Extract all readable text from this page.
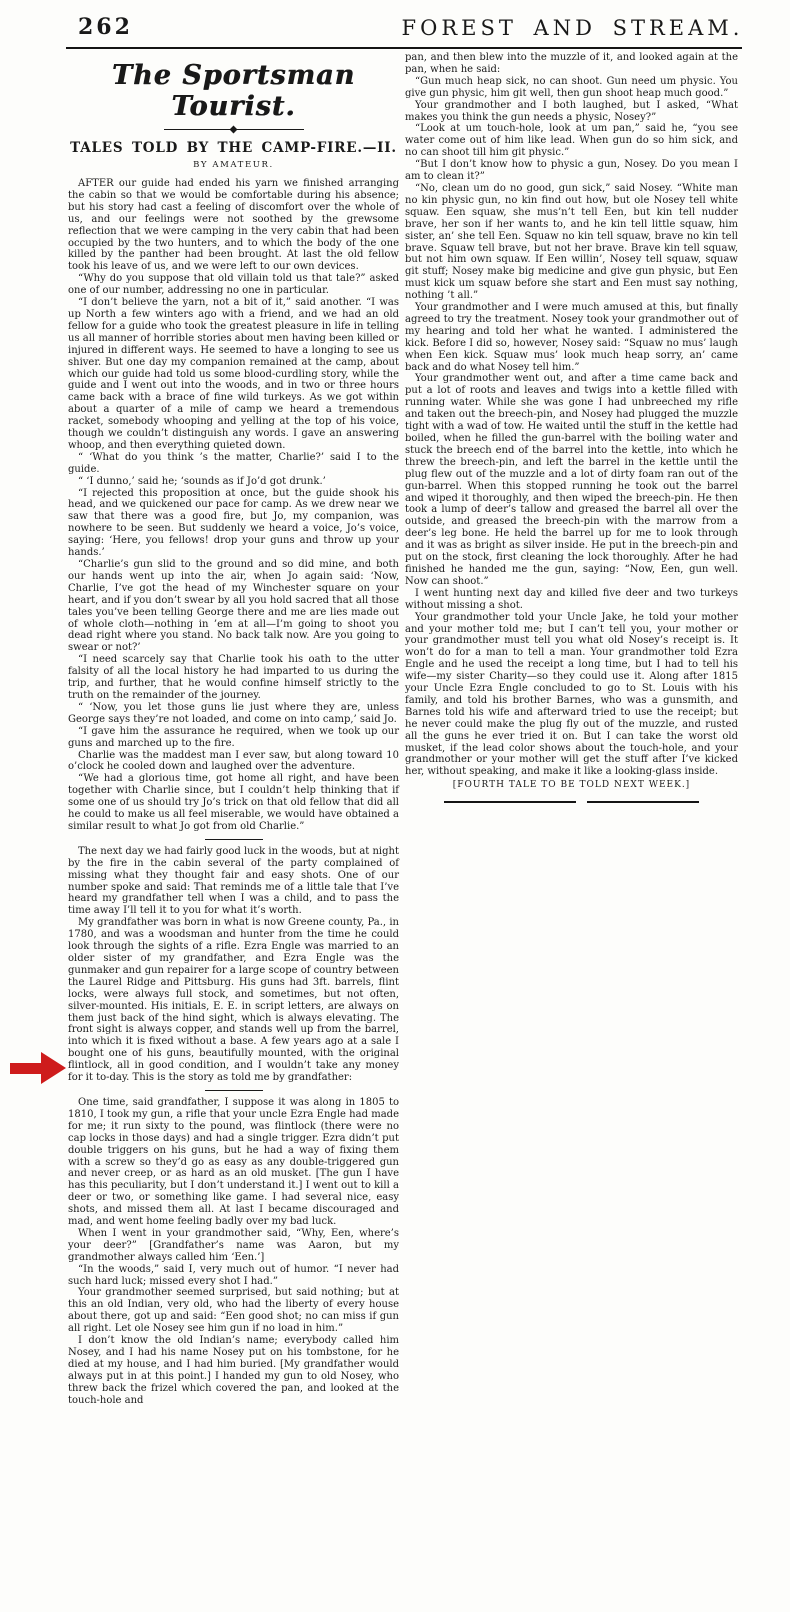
262	FOREST AND STREAM.
The Sportsman Tourist.
TALES TOLD BY THE CAMP-FIRE.—II.
BY AMATEUR.

AFTER our guide had ended his yarn we finished arranging the cabin so that we would be comfortable during his absence; but his story had cast a feeling of discomfort over the whole of us, and our feelings were not soothed by the grewsome reflection that we were camping in the very cabin that had been occupied by the two hunters, and to which the body of the one killed by the panther had been brought. At last the old fellow took his leave of us, and we were left to our own devices.

“Why do you suppose that old villain told us that tale?” asked one of our number, addressing no one in particular.

“I don’t believe the yarn, not a bit of it,” said another. “I was up North a few winters ago with a friend, and we had an old fellow for a guide who took the greatest pleasure in life in telling us all manner of horrible stories about men having been killed or injured in different ways. He seemed to have a longing to see us shiver. But one day my companion remained at the camp, about which our guide had told us some blood-curdling story, while the guide and I went out into the woods, and in two or three hours came back with a brace of fine wild turkeys. As we got within about a quarter of a mile of camp we heard a tremendous racket, somebody whooping and yelling at the top of his voice, though we couldn’t distinguish any words. I gave an answering whoop, and then everything quieted down.

“ ‘What do you think ’s the matter, Charlie?’ said I to the guide.

“ ‘I dunno,’ said he; ‘sounds as if Jo’d got drunk.’

“I rejected this proposition at once, but the guide shook his head, and we quickened our pace for camp. As we drew near we saw that there was a good fire, but Jo, my companion, was nowhere to be seen. But suddenly we heard a voice, Jo’s voice, saying: ‘Here, you fellows! drop your guns and throw up your hands.’

“Charlie’s gun slid to the ground and so did mine, and both our hands went up into the air, when Jo again said: ‘Now, Charlie, I’ve got the head of my Winchester square on your heart, and if you don’t swear by all you hold sacred that all those tales you’ve been telling George there and me are lies made out of whole cloth—nothing in ’em at all—I’m going to shoot you dead right where you stand. No back talk now. Are you going to swear or not?’

“I need scarcely say that Charlie took his oath to the utter falsity of all the local history he had imparted to us during the trip, and further, that he would confine himself strictly to the truth on the remainder of the journey.

“ ‘Now, you let those guns lie just where they are, unless George says they’re not loaded, and come on into camp,’ said Jo.

“I gave him the assurance he required, when we took up our guns and marched up to the fire.

Charlie was the maddest man I ever saw, but along toward 10 o’clock he cooled down and laughed over the adventure.

“We had a glorious time, got home all right, and have been together with Charlie since, but I couldn’t help thinking that if some one of us should try Jo’s trick on that old fellow that did all he could to make us all feel miserable, we would have obtained a similar result to what Jo got from old Charlie.”

The next day we had fairly good luck in the woods, but at night by the fire in the cabin several of the party complained of missing what they thought fair and easy shots. One of our number spoke and said: That reminds me of a little tale that I’ve heard my grandfather tell when I was a child, and to pass the time away I’ll tell it to you for what it’s worth.

My grandfather was born in what is now Greene county, Pa., in 1780, and was a woodsman and hunter from the time he could look through the sights of a rifle. Ezra Engle was married to an older sister of my grandfather, and Ezra Engle was the gunmaker and gun repairer for a large scope of country between the Laurel Ridge and Pittsburg. His guns had 3ft. barrels, flint locks, were always full stock, and sometimes, but not often, silver-mounted. His initials, E. E. in script letters, are always on them just back of the hind sight, which is always elevating. The front sight is always copper, and stands well up from the barrel, into which it is fixed without a base. A few years ago at a sale I bought one of his guns, beautifully mounted, with the original flintlock, all in good condition, and I wouldn’t take any money for it to-day. This is the story as told me by grandfather:

One time, said grandfather, I suppose it was along in 1805 to 1810, I took my gun, a rifle that your uncle Ezra Engle had made for me; it run sixty to the pound, was flintlock (there were no cap locks in those days) and had a single trigger. Ezra didn’t put double triggers on his guns, but he had a way of fixing them with a screw so they’d go as easy as any double-triggered gun and never creep, or as hard as an old musket. [The gun I have has this peculiarity, but I don’t understand it.] I went out to kill a deer or two, or something like game. I had several nice, easy shots, and missed them all. At last I became discouraged and mad, and went home feeling badly over my bad luck.

When I went in your grandmother said, “Why, Een, where’s your deer?” [Grandfather’s name was Aaron, but my grandmother always called him ‘Een.’]

“In the woods,” said I, very much out of humor. “I never had such hard luck; missed every shot I had.”

Your grandmother seemed surprised, but said nothing; but at this an old Indian, very old, who had the liberty of every house about there, got up and said: “Een good shot; no can miss if gun all right. Let ole Nosey see him gun if no load in him.”

I don’t know the old Indian’s name; everybody called him Nosey, and I had his name Nosey put on his tombstone, for he died at my house, and I had him buried. [My grandfather would always put in at this point.] I handed my gun to old Nosey, who threw back the frizel which covered the pan, and looked at the touch-hole and

pan, and then blew into the muzzle of it, and looked again at the pan, when he said:

“Gun much heap sick, no can shoot. Gun need um physic. You give gun physic, him git well, then gun shoot heap much good.”

Your grandmother and I both laughed, but I asked, “What makes you think the gun needs a physic, Nosey?”

“Look at um touch-hole, look at um pan,” said he, “you see water come out of him like lead. When gun do so him sick, and no can shoot till him git physic.”

“But I don’t know how to physic a gun, Nosey. Do you mean I am to clean it?”

“No, clean um do no good, gun sick,” said Nosey. “White man no kin physic gun, no kin find out how, but ole Nosey tell white squaw. Een squaw, she mus’n’t tell Een, but kin tell nudder brave, her son if her wants to, and he kin tell little squaw, him sister, an’ she tell Een. Squaw no kin tell squaw, brave no kin tell brave. Squaw tell brave, but not her brave. Brave kin tell squaw, but not him own squaw. If Een willin’, Nosey tell squaw, squaw git stuff; Nosey make big medicine and give gun physic, but Een must kick um squaw before she start and Een must say nothing, nothing ’t all.”

Your grandmother and I were much amused at this, but finally agreed to try the treatment. Nosey took your grandmother out of my hearing and told her what he wanted. I administered the kick. Before I did so, however, Nosey said: “Squaw no mus’ laugh when Een kick. Squaw mus’ look much heap sorry, an’ came back and do what Nosey tell him.”

Your grandmother went out, and after a time came back and put a lot of roots and leaves and twigs into a kettle filled with running water. While she was gone I had unbreeched my rifle and taken out the breech-pin, and Nosey had plugged the muzzle tight with a wad of tow. He waited until the stuff in the kettle had boiled, when he filled the gun-barrel with the boiling water and stuck the breech end of the barrel into the kettle, into which he threw the breech-pin, and left the barrel in the kettle until the plug flew out of the muzzle and a lot of dirty foam ran out of the gun-barrel. When this stopped running he took out the barrel and wiped it thoroughly, and then wiped the breech-pin. He then took a lump of deer’s tallow and greased the barrel all over the outside, and greased the breech-pin with the marrow from a deer’s leg bone. He held the barrel up for me to look through and it was as bright as silver inside. He put in the breech-pin and put on the stock, first cleaning the lock thoroughly. After he had finished he handed me the gun, saying: “Now, Een, gun well. Now can shoot.”

I went hunting next day and killed five deer and two turkeys without missing a shot.

Your grandmother told your Uncle Jake, he told your mother and your mother told me; but I can’t tell you, your mother or your grandmother must tell you what old Nosey’s receipt is. It won’t do for a man to tell a man. Your grandmother told Ezra Engle and he used the receipt a long time, but I had to tell his wife—my sister Charity—so they could use it. Along after 1815 your Uncle Ezra Engle concluded to go to St. Louis with his family, and told his brother Barnes, who was a gunsmith, and Barnes told his wife and afterward tried to use the receipt; but he never could make the plug fly out of the muzzle, and rusted all the guns he ever tried it on. But I can take the worst old musket, if the lead color shows about the touch-hole, and your grandmother or your mother will get the stuff after I’ve kicked her, without speaking, and make it like a looking-glass inside.

[FOURTH TALE TO BE TOLD NEXT WEEK.]
